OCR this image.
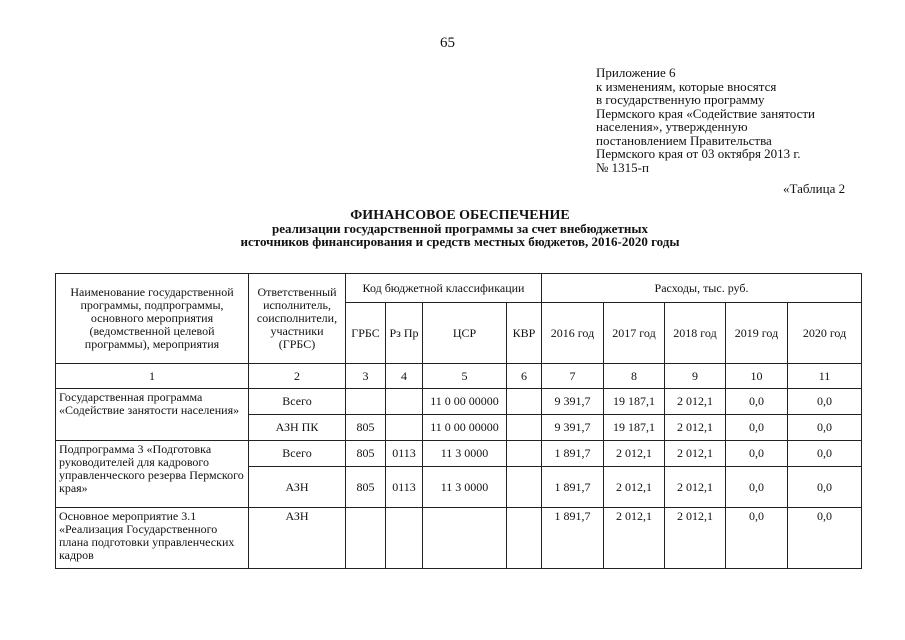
65
Приложение 6
к изменениям, которые вносятся
в государственную программу
Пермского края «Содействие занятости
населения», утвержденную
постановлением Правительства
Пермского края от 03 октября 2013 г.
№ 1315-п
«Таблица 2
ФИНАНСОВОЕ ОБЕСПЕЧЕНИЕ
реализации государственной программы за счет внебюджетных
источников финансирования и средств местных бюджетов, 2016-2020 годы
Наименование государственной программы, подпрограммы, основного мероприятия (ведомственной целевой программы), мероприятия	Ответственный исполнитель, соисполнители, участники (ГРБС)	Код бюджетной классификации				Расходы, тыс. руб.				
		ГРБС	Рз Пр	ЦСР	КВР	2016 год	2017 год	2018 год	2019 год	2020 год
1	2	3	4	5	6	7	8	9	10	11
Государственная программа «Содействие занятости населения»	Всего			11 0 00 00000		9 391,7	19 187,1	2 012,1	0,0	0,0
	АЗН ПК	805		11 0 00 00000		9 391,7	19 187,1	2 012,1	0,0	0,0
Подпрограмма 3 «Подготовка руководителей для кадрового управленческого резерва Пермского края»	Всего	805	0113	11 3 0000		1 891,7	2 012,1	2 012,1	0,0	0,0
	АЗН	805	0113	11 3 0000		1 891,7	2 012,1	2 012,1	0,0	0,0
Основное мероприятие 3.1 «Реализация Государственного плана подготовки управленческих кадров	АЗН					1 891,7	2 012,1	2 012,1	0,0	0,0
